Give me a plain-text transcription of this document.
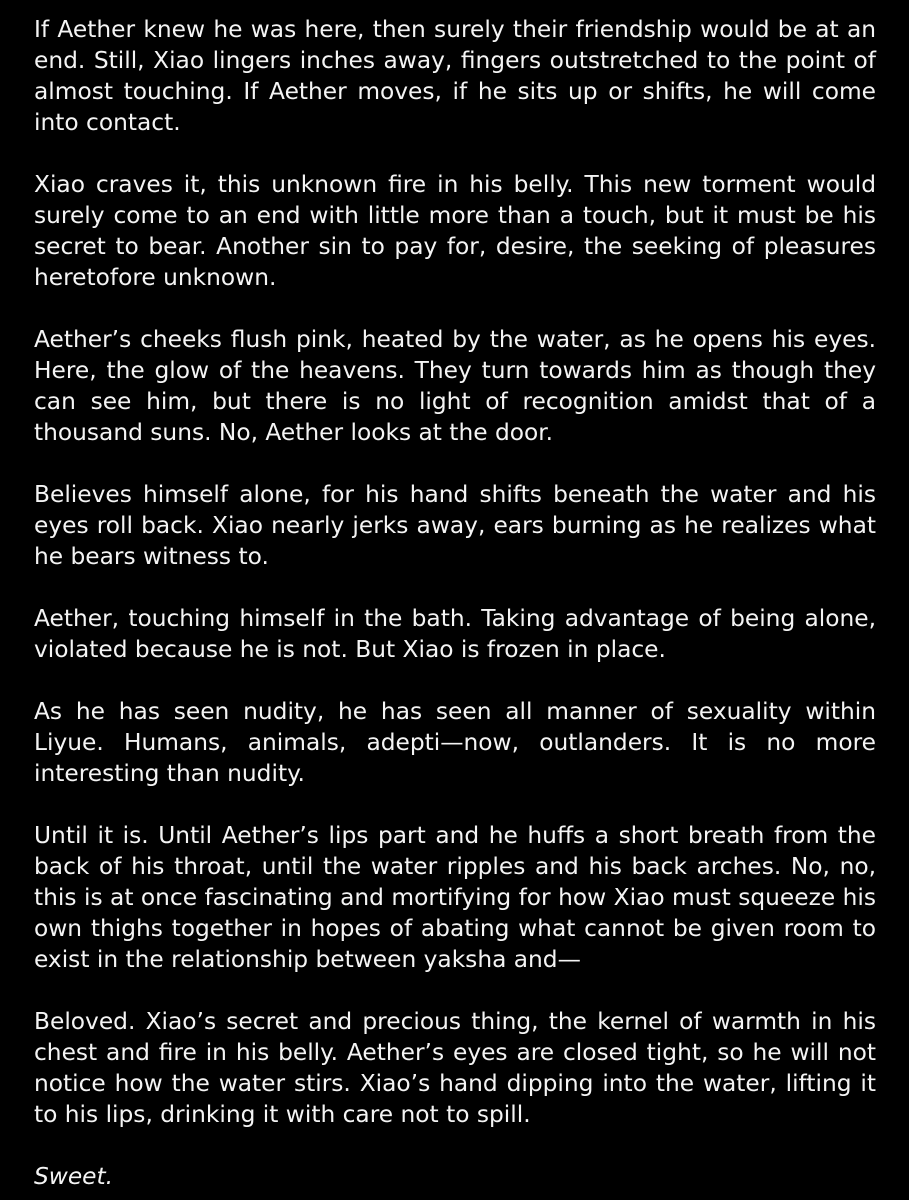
If Aether knew he was here, then surely their friendship would be at an end. Still, Xiao lingers inches away, fingers outstretched to the point of almost touching. If Aether moves, if he sits up or shifts, he will come into contact.

Xiao craves it, this unknown fire in his belly. This new torment would surely come to an end with little more than a touch, but it must be his secret to bear. Another sin to pay for, desire, the seeking of pleasures heretofore unknown.

Aether’s cheeks flush pink, heated by the water, as he opens his eyes. Here, the glow of the heavens. They turn towards him as though they can see him, but there is no light of recognition amidst that of a thousand suns. No, Aether looks at the door.

Believes himself alone, for his hand shifts beneath the water and his eyes roll back. Xiao nearly jerks away, ears burning as he realizes what he bears witness to.

Aether, touching himself in the bath. Taking advantage of being alone, violated because he is not. But Xiao is frozen in place.

As he has seen nudity, he has seen all manner of sexuality within Liyue. Humans, animals, adepti—now, outlanders. It is no more interesting than nudity.

Until it is. Until Aether’s lips part and he huffs a short breath from the back of his throat, until the water ripples and his back arches. No, no, this is at once fascinating and mortifying for how Xiao must squeeze his own thighs together in hopes of abating what cannot be given room to exist in the relationship between yaksha and—

Beloved. Xiao’s secret and precious thing, the kernel of warmth in his chest and fire in his belly. Aether’s eyes are closed tight, so he will not notice how the water stirs. Xiao’s hand dipping into the water, lifting it to his lips, drinking it with care not to spill.

Sweet.
